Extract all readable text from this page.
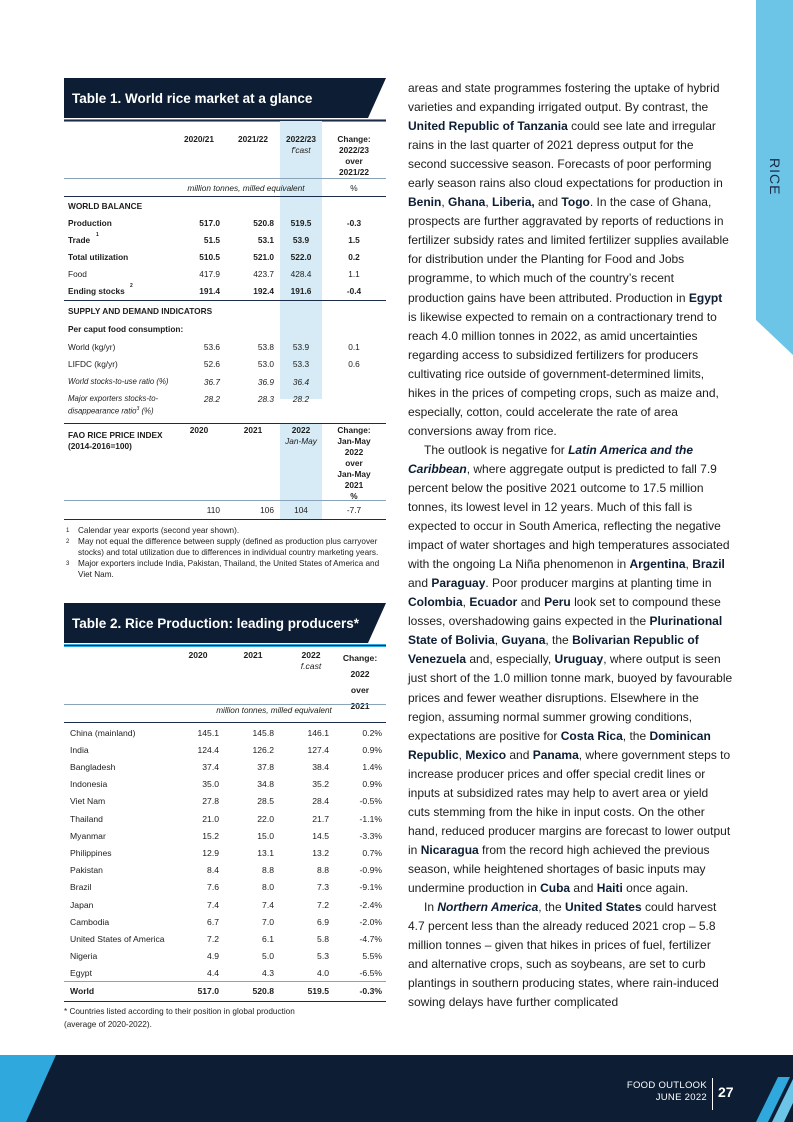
RICE
Table 1. World rice market at a glance
2020/21	2021/22	2022/23
f'cast
Change:
2022/23
over
2021/22
million tonnes, milled equivalent	%
WORLD BALANCE
Production	517.0	520.8	519.5	-0.3
Trade	1	51.5	53.1	53.9	1.5
Total utilization	510.5	521.0	522.0	0.2
Food	417.9	423.7	428.4	1.1
Ending stocks	2	191.4	192.4	191.6	-0.4
SUPPLY AND DEMAND INDICATORS
Per caput food consumption:
World (kg/yr)	53.6	53.8	53.9	0.1
LIFDC (kg/yr)	52.6	53.0	53.3	0.6
World stocks-to-use ratio (%)	36.7	36.9	36.4
Major exporters stocks-to-
disappearance ratio$^3$ (%)
28.2	28.3	28.2
FAO RICE PRICE INDEX
(2014-2016=100)
2020	2021	2022
Jan-May
Change:
Jan-May
2022
over
Jan-May
2021
%
110	106	104	-7.7
1	Calendar year exports (second year shown).
2	May not equal the difference between supply (defined as production plus carryover stocks) and total utilization due to differences in individual country marketing years.
3	Major exporters include India, Pakistan, Thailand, the United States of America and Viet Nam.
Table 2. Rice Production: leading producers*
2020	2021	2022
f.cast
Change:
2022
over
2021
million tonnes, milled equivalent
China (mainland)	145.1	145.8	146.1	0.2%
India	124.4	126.2	127.4	0.9%
Bangladesh	37.4	37.8	38.4	1.4%
Indonesia	35.0	34.8	35.2	0.9%
Viet Nam	27.8	28.5	28.4	-0.5%
Thailand	21.0	22.0	21.7	-1.1%
Myanmar	15.2	15.0	14.5	-3.3%
Philippines	12.9	13.1	13.2	0.7%
Pakistan	8.4	8.8	8.8	-0.9%
Brazil	7.6	8.0	7.3	-9.1%
Japan	7.4	7.4	7.2	-2.4%
Cambodia	6.7	7.0	6.9	-2.0%
United States of America	7.2	6.1	5.8	-4.7%
Nigeria	4.9	5.0	5.3	5.5%
Egypt	4.4	4.3	4.0	-6.5%
World	517.0	520.8	519.5	-0.3%
* Countries listed according to their position in global production
(average of 2020-2022).

areas and state programmes fostering the uptake of hybrid varieties and expanding irrigated output. By contrast, the United Republic of Tanzania could see late and irregular rains in the last quarter of 2021 depress output for the second successive season. Forecasts of poor performing early season rains also cloud expectations for production in Benin, Ghana, Liberia, and Togo. In the case of Ghana, prospects are further aggravated by reports of reductions in fertilizer subsidy rates and limited fertilizer supplies available for distribution under the Planting for Food and Jobs programme, to which much of the country’s recent production gains have been attributed. Production in Egypt is likewise expected to remain on a contractionary trend to reach 4.0 million tonnes in 2022, as amid uncertainties regarding access to subsidized fertilizers for producers cultivating rice outside of government-determined limits, hikes in the prices of competing crops, such as maize and, especially, cotton, could accelerate the rate of area conversions away from rice.

The outlook is negative for Latin America and the Caribbean, where aggregate output is predicted to fall 7.9 percent below the positive 2021 outcome to 17.5 million tonnes, its lowest level in 12 years. Much of this fall is expected to occur in South America, reflecting the negative impact of water shortages and high temperatures associated with the ongoing La Niña phenomenon in Argentina, Brazil and Paraguay. Poor producer margins at planting time in Colombia, Ecuador and Peru look set to compound these losses, overshadowing gains expected in the Plurinational State of Bolivia, Guyana, the Bolivarian Republic of Venezuela and, especially, Uruguay, where output is seen just short of the 1.0 million tonne mark, buoyed by favourable prices and fewer weather disruptions. Elsewhere in the region, assuming normal summer growing conditions, expectations are positive for Costa Rica, the Dominican Republic, Mexico and Panama, where government steps to increase producer prices and offer special credit lines or inputs at subsidized rates may help to avert area or yield cuts stemming from the hike in input costs. On the other hand, reduced producer margins are forecast to lower output in Nicaragua from the record high achieved the previous season, while heightened shortages of basic inputs may undermine production in Cuba and Haiti once again.

In Northern America, the United States could harvest 4.7 percent less than the already reduced 2021 crop – 5.8 million tonnes – given that hikes in prices of fuel, fertilizer and alternative crops, such as soybeans, are set to curb plantings in southern producing states, where rain-induced sowing delays have further complicated

FOOD OUTLOOK
JUNE 2022 27
